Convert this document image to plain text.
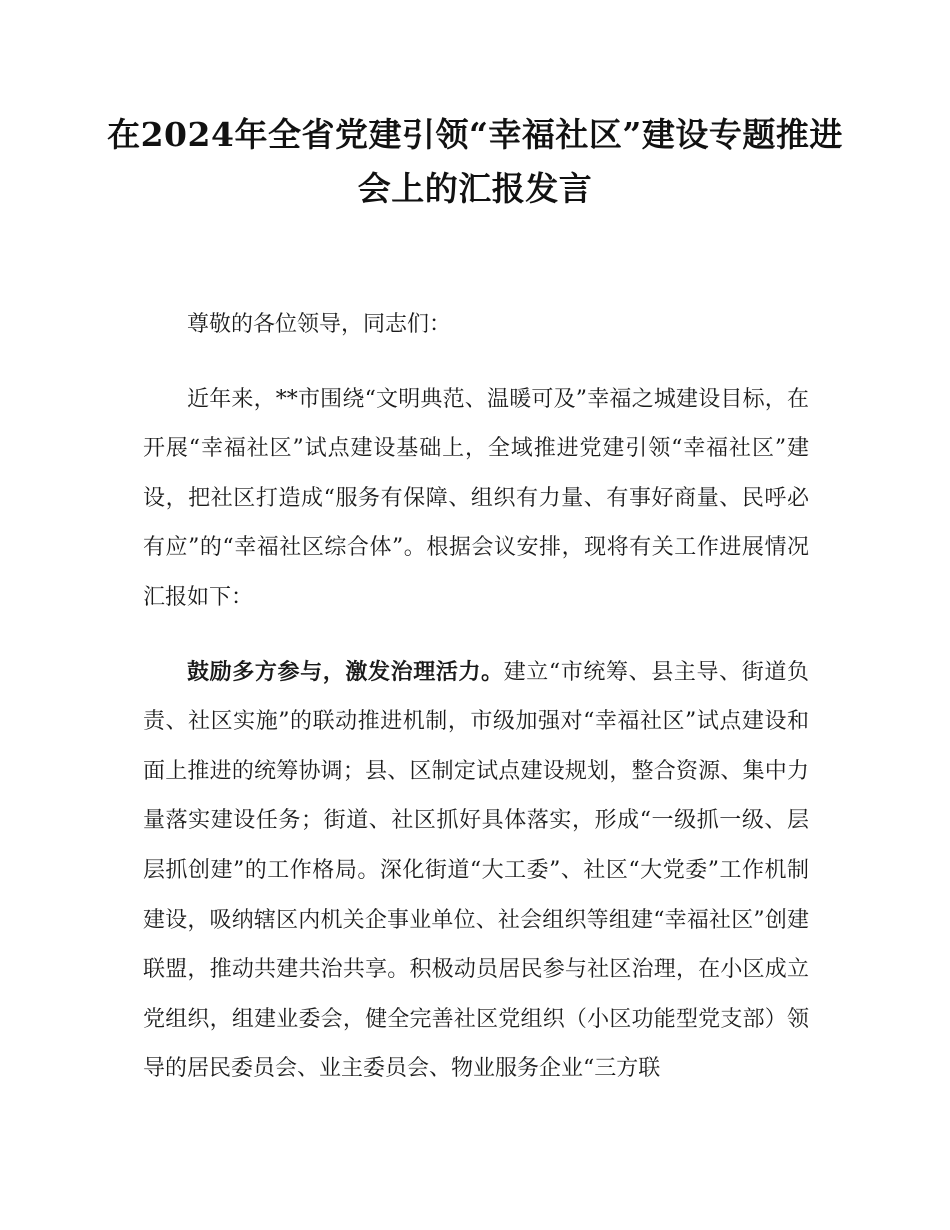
在2024年全省党建引领“幸福社区”建设专题推进会上的汇报发言

尊敬的各位领导，同志们：

近年来，**市围绕“文明典范、温暖可及”幸福之城建设目标，在开展“幸福社区”试点建设基础上，全域推进党建引领“幸福社区”建设，把社区打造成“服务有保障、组织有力量、有事好商量、民呼必有应”的“幸福社区综合体”。根据会议安排，现将有关工作进展情况汇报如下：

鼓励多方参与，激发治理活力。建立“市统筹、县主导、街道负责、社区实施”的联动推进机制，市级加强对“幸福社区”试点建设和面上推进的统筹协调；县、区制定试点建设规划，整合资源、集中力量落实建设任务；街道、社区抓好具体落实，形成“一级抓一级、层层抓创建”的工作格局。深化街道“大工委”、社区“大党委”工作机制建设，吸纳辖区内机关企事业单位、社会组织等组建“幸福社区”创建联盟，推动共建共治共享。积极动员居民参与社区治理，在小区成立党组织，组建业委会，健全完善社区党组织（小区功能型党支部）领导的居民委员会、业主委员会、物业服务企业“三方联
